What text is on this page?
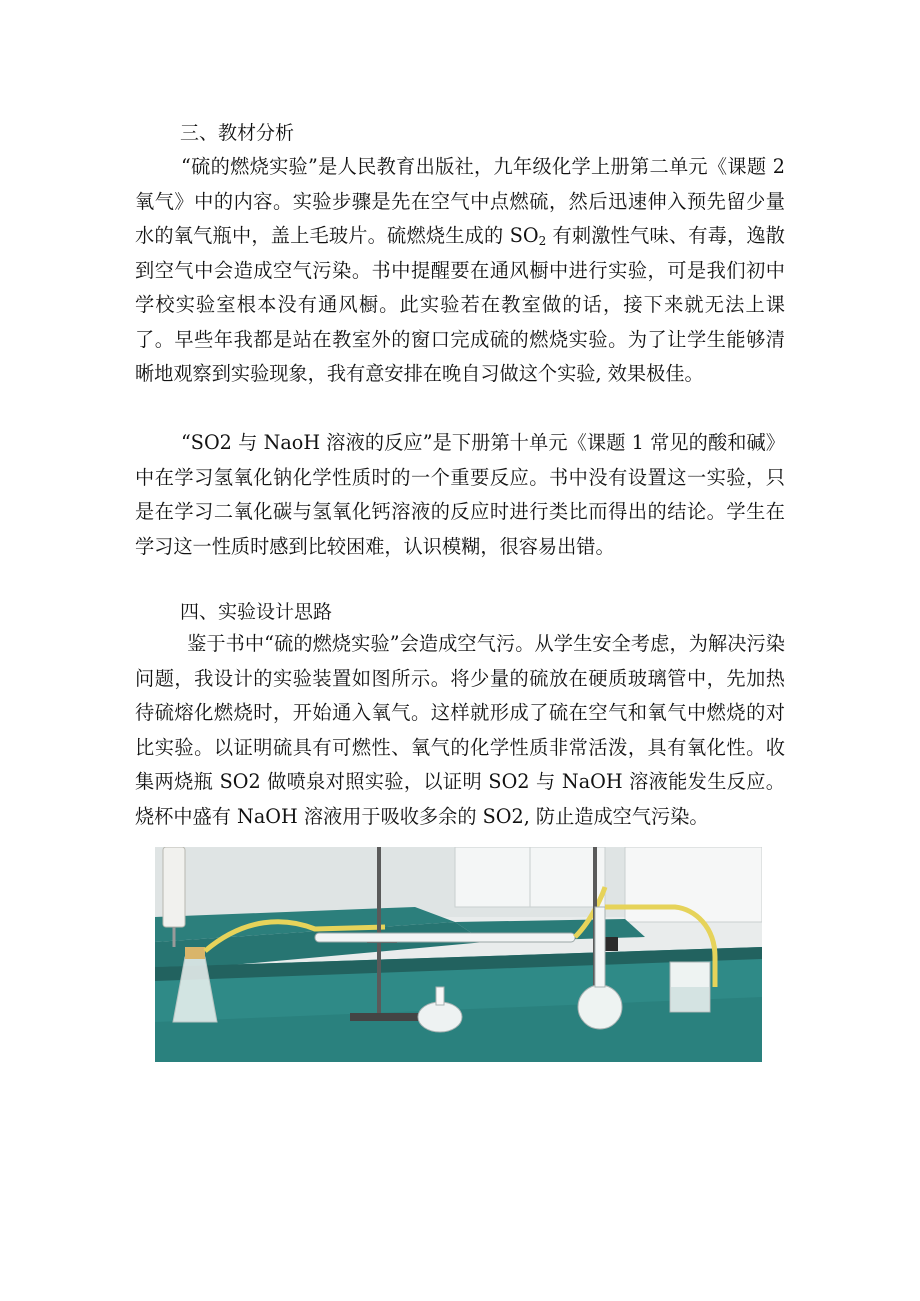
三、教材分析

“硫的燃烧实验”是人民教育出版社，九年级化学上册第二单元《课题 2 氧气》中的内容。实验步骤是先在空气中点燃硫，然后迅速伸入预先留少量水的氧气瓶中，盖上毛玻片。硫燃烧生成的 $SO_2$ 有刺激性气味、有毒，逸散到空气中会造成空气污染。书中提醒要在通风橱中进行实验，可是我们初中学校实验室根本没有通风橱。此实验若在教室做的话，接下来就无法上课了。早些年我都是站在教室外的窗口完成硫的燃烧实验。为了让学生能够清晰地观察到实验现象，我有意安排在晚自习做这个实验, 效果极佳。

“SO2 与 NaoH 溶液的反应”是下册第十单元《课题 1 常见的酸和碱》中在学习氢氧化钠化学性质时的一个重要反应。书中没有设置这一实验，只是在学习二氧化碳与氢氧化钙溶液的反应时进行类比而得出的结论。学生在学习这一性质时感到比较困难，认识模糊，很容易出错。

四、实验设计思路

鉴于书中“硫的燃烧实验”会造成空气污。从学生安全考虑，为解决污染问题，我设计的实验装置如图所示。将少量的硫放在硬质玻璃管中，先加热待硫熔化燃烧时，开始通入氧气。这样就形成了硫在空气和氧气中燃烧的对比实验。以证明硫具有可燃性、氧气的化学性质非常活泼，具有氧化性。收集两烧瓶 SO2 做喷泉对照实验，以证明 SO2 与 NaOH 溶液能发生反应。烧杯中盛有 NaOH 溶液用于吸收多余的 SO2, 防止造成空气污染。
